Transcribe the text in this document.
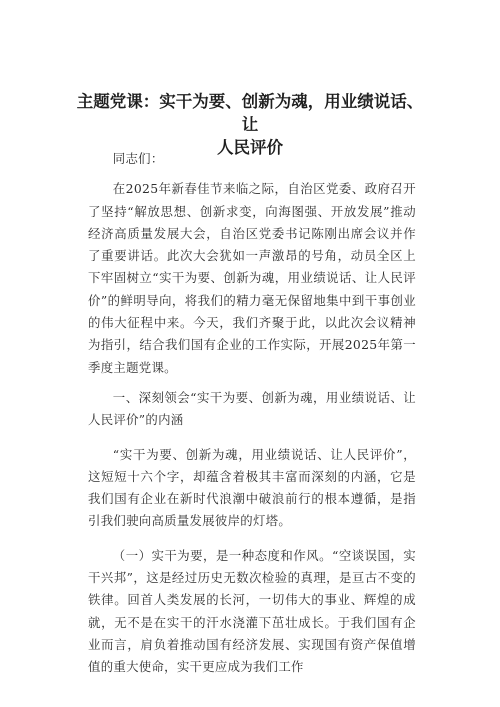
主题党课：实干为要、创新为魂，用业绩说话、让
人民评价

同志们：

在2025年新春佳节来临之际，自治区党委、政府召开了坚持“解放思想、创新求变，向海图强、开放发展”推动经济高质量发展大会，自治区党委书记陈刚出席会议并作了重要讲话。此次大会犹如一声激昂的号角，动员全区上下牢固树立“实干为要、创新为魂，用业绩说话、让人民评价”的鲜明导向，将我们的精力毫无保留地集中到干事创业的伟大征程中来。今天，我们齐聚于此，以此次会议精神为指引，结合我们国有企业的工作实际，开展2025年第一季度主题党课。

一、深刻领会“实干为要、创新为魂，用业绩说话、让人民评价”的内涵

“实干为要、创新为魂，用业绩说话、让人民评价”，这短短十六个字，却蕴含着极其丰富而深刻的内涵，它是我们国有企业在新时代浪潮中破浪前行的根本遵循，是指引我们驶向高质量发展彼岸的灯塔。

（一）实干为要，是一种态度和作风。“空谈误国，实干兴邦”，这是经过历史无数次检验的真理，是亘古不变的铁律。回首人类发展的长河，一切伟大的事业、辉煌的成就，无不是在实干的汗水浇灌下茁壮成长。于我们国有企业而言，肩负着推动国有经济发展、实现国有资产保值增值的重大使命，实干更应成为我们工作
